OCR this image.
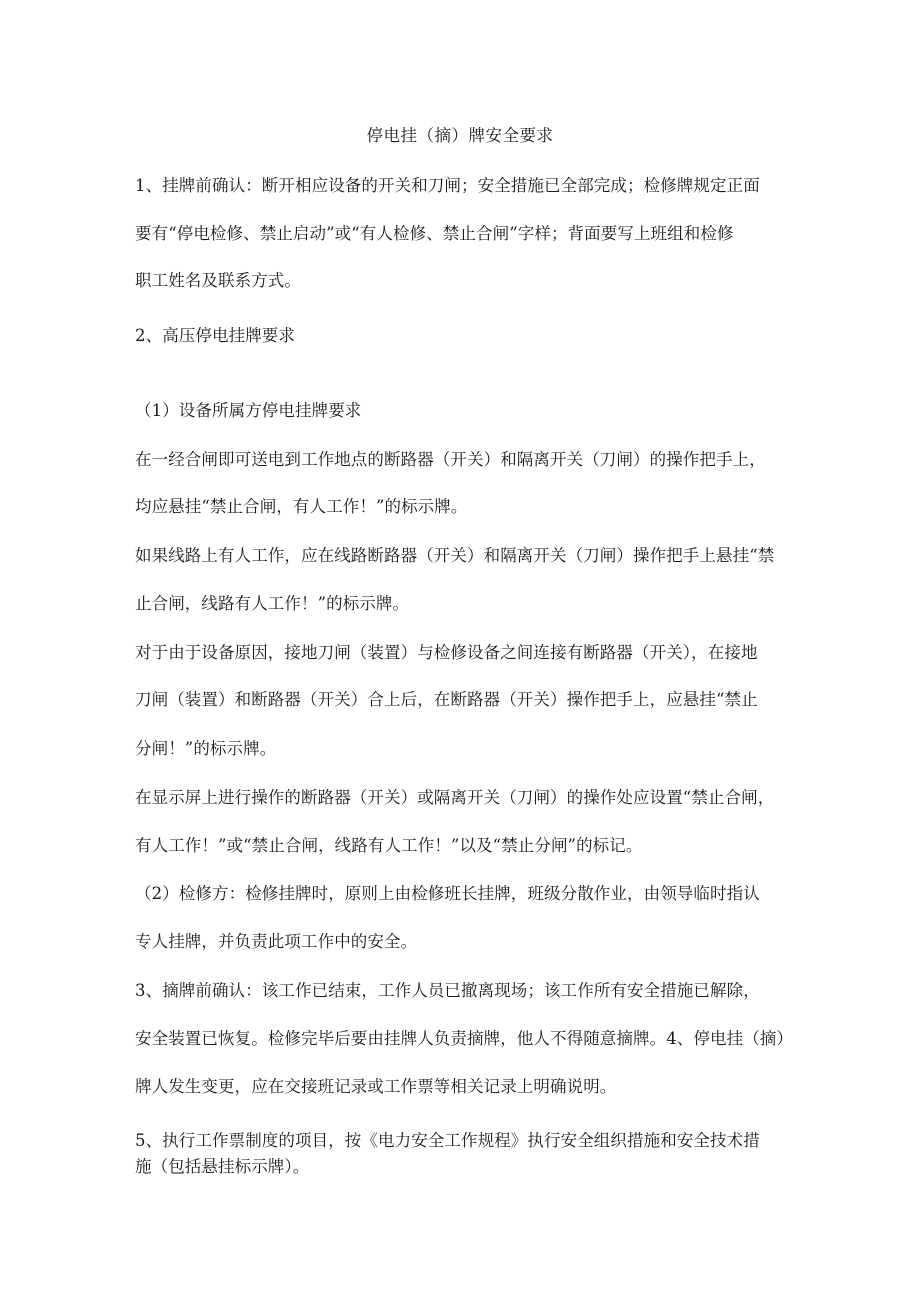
停电挂（摘）牌安全要求
1、挂牌前确认：断开相应设备的开关和刀闸；安全措施已全部完成；检修牌规定正面
要有“停电检修、禁止启动”或“有人检修、禁止合闸”字样；背面要写上班组和检修
职工姓名及联系方式。
2、高压停电挂牌要求
（1）设备所属方停电挂牌要求
在一经合闸即可送电到工作地点的断路器（开关）和隔离开关（刀闸）的操作把手上，
均应悬挂“禁止合闸，有人工作！”的标示牌。
如果线路上有人工作，应在线路断路器（开关）和隔离开关（刀闸）操作把手上悬挂“禁
止合闸，线路有人工作！”的标示牌。
对于由于设备原因，接地刀闸（装置）与检修设备之间连接有断路器（开关），在接地
刀闸（装置）和断路器（开关）合上后，在断路器（开关）操作把手上，应悬挂“禁止
分闸！”的标示牌。
在显示屏上进行操作的断路器（开关）或隔离开关（刀闸）的操作处应设置“禁止合闸，
有人工作！”或“禁止合闸，线路有人工作！”以及“禁止分闸”的标记。
（2）检修方：检修挂牌时，原则上由检修班长挂牌，班级分散作业，由领导临时指认
专人挂牌，并负责此项工作中的安全。
3、摘牌前确认：该工作已结束，工作人员已撤离现场；该工作所有安全措施已解除，
安全装置已恢复。检修完毕后要由挂牌人负责摘牌，他人不得随意摘牌。4、停电挂（摘）
牌人发生变更，应在交接班记录或工作票等相关记录上明确说明。
5、执行工作票制度的项目，按《电力安全工作规程》执行安全组织措施和安全技术措
施（包括悬挂标示牌）。
